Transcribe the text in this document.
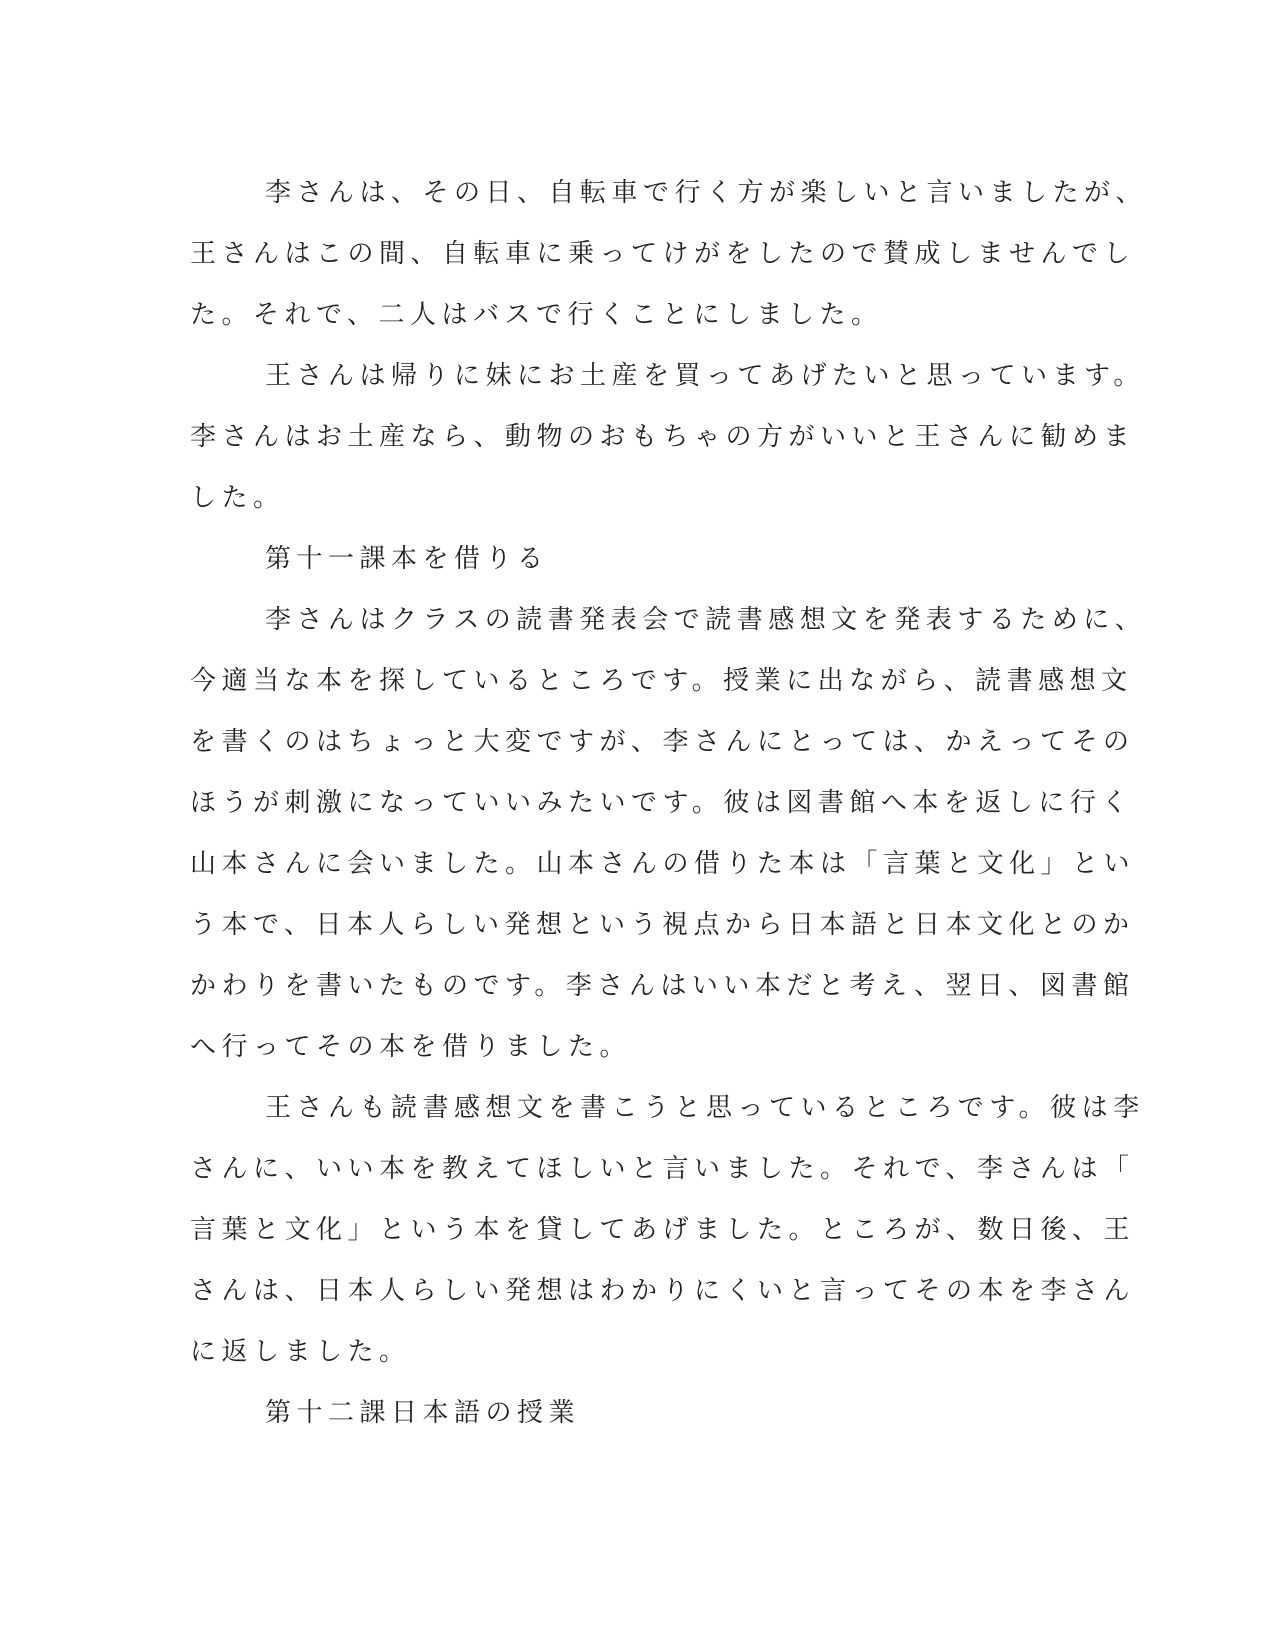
李さんは、その日、自転車で行く方が楽しいと言いましたが、
王さんはこの間、自転車に乗ってけがをしたので賛成しませんでし
た。それで、二人はバスで行くことにしました。
王さんは帰りに妹にお土産を買ってあげたいと思っています。
李さんはお土産なら、動物のおもちゃの方がいいと王さんに勧めま
した。
第十一課本を借りる
李さんはクラスの読書発表会で読書感想文を発表するために、
今適当な本を探しているところです。授業に出ながら、読書感想文
を書くのはちょっと大変ですが、李さんにとっては、かえってその
ほうが刺激になっていいみたいです。彼は図書館へ本を返しに行く
山本さんに会いました。山本さんの借りた本は「言葉と文化」とい
う本で、日本人らしい発想という視点から日本語と日本文化とのか
かわりを書いたものです。李さんはいい本だと考え、翌日、図書館
へ行ってその本を借りました。
王さんも読書感想文を書こうと思っているところです。彼は李
さんに、いい本を教えてほしいと言いました。それで、李さんは「
言葉と文化」という本を貸してあげました。ところが、数日後、王
さんは、日本人らしい発想はわかりにくいと言ってその本を李さん
に返しました。
第十二課日本語の授業
